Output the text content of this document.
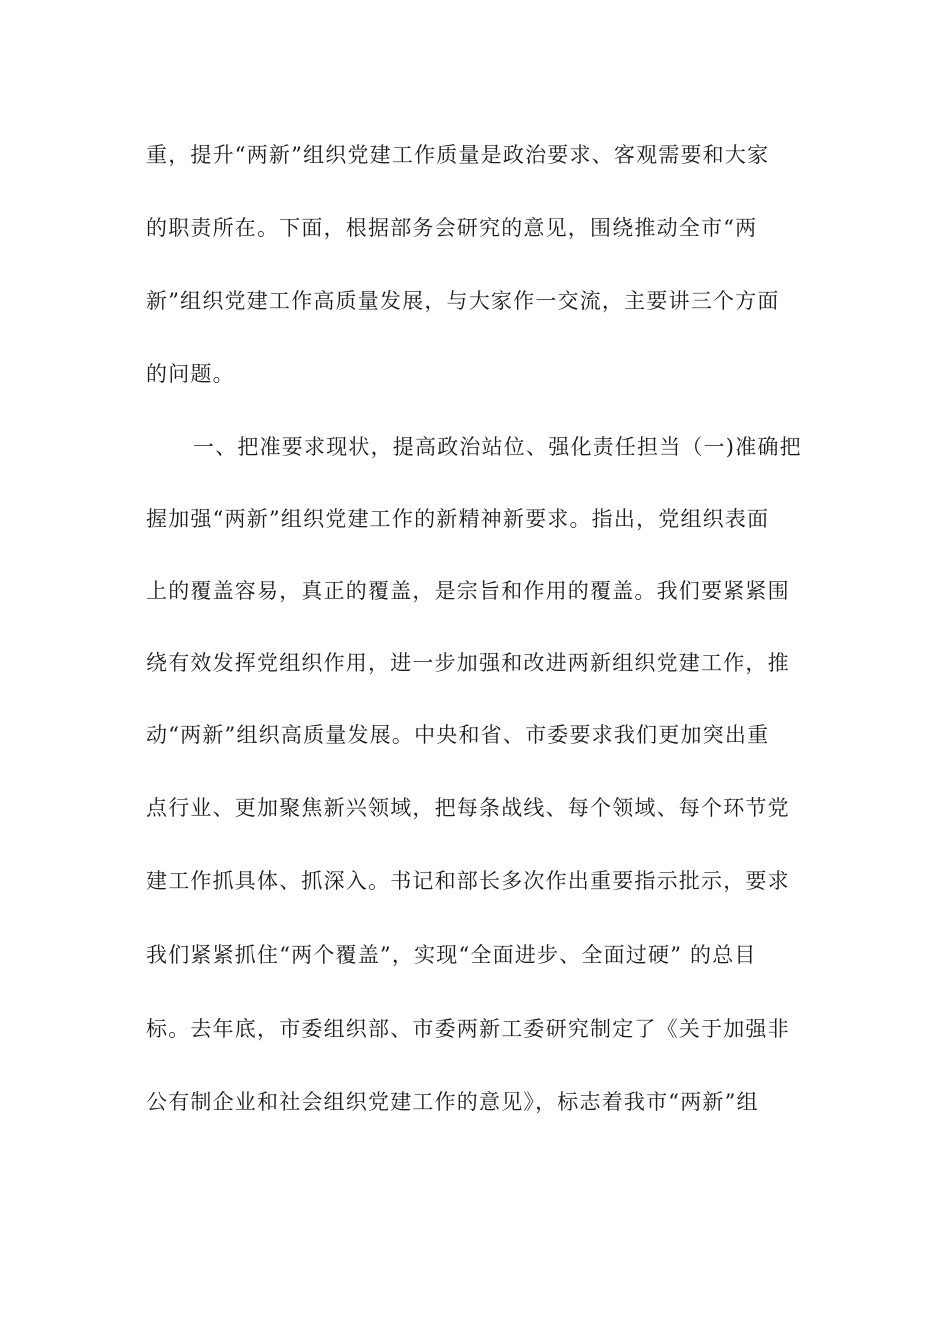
重，提升“两新”组织党建工作质量是政治要求、客观需要和大家
的职责所在。下面，根据部务会研究的意见，围绕推动全市“两
新”组织党建工作高质量发展，与大家作一交流，主要讲三个方面
的问题。
一、把准要求现状，提高政治站位、强化责任担当（一)准确把
握加强“两新”组织党建工作的新精神新要求。指出，党组织表面
上的覆盖容易，真正的覆盖，是宗旨和作用的覆盖。我们要紧紧围
绕有效发挥党组织作用，进一步加强和改进两新组织党建工作，推
动“两新”组织高质量发展。中央和省、市委要求我们更加突出重
点行业、更加聚焦新兴领域，把每条战线、每个领域、每个环节党
建工作抓具体、抓深入。书记和部长多次作出重要指示批示，要求
我们紧紧抓住“两个覆盖”，实现“全面进步、全面过硬” 的总目
标。去年底，市委组织部、市委两新工委研究制定了《关于加强非
公有制企业和社会组织党建工作的意见》，标志着我市“两新”组
